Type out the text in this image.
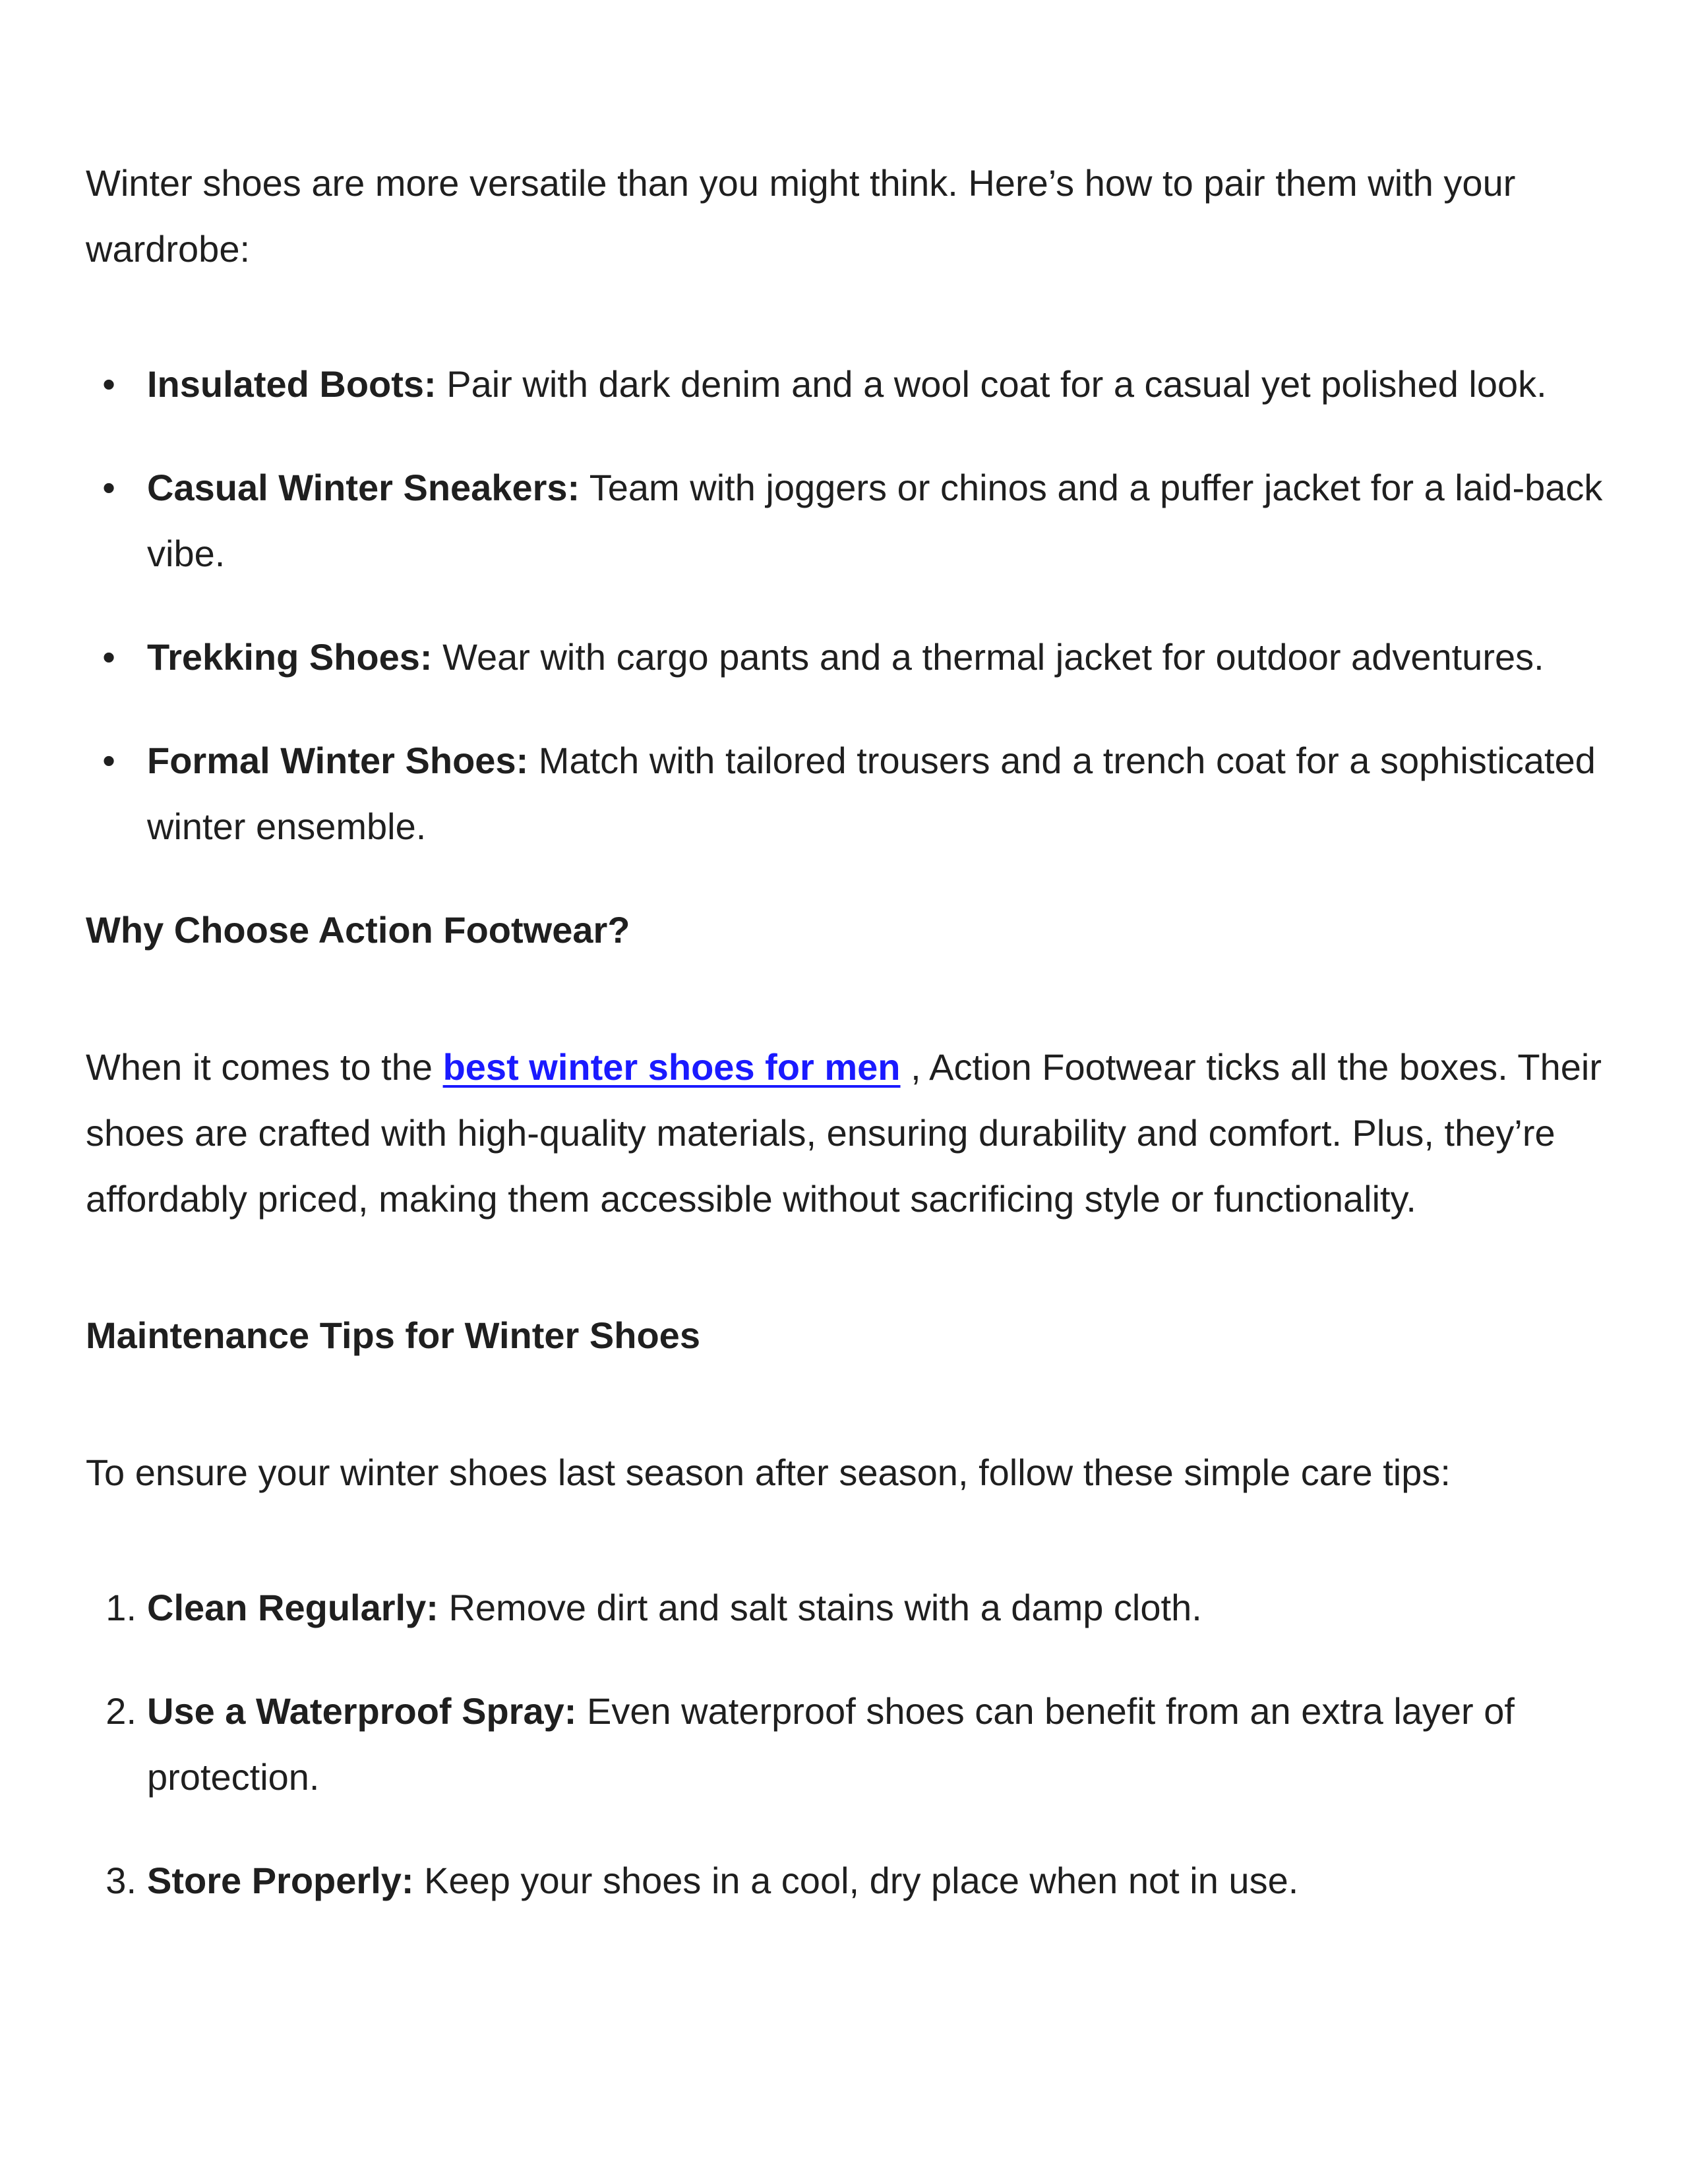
Winter shoes are more versatile than you might think. Here’s how to pair them with your wardrobe:

• Insulated Boots: Pair with dark denim and a wool coat for a casual yet polished look.
• Casual Winter Sneakers: Team with joggers or chinos and a puffer jacket for a laid-back vibe.
• Trekking Shoes: Wear with cargo pants and a thermal jacket for outdoor adventures.
• Formal Winter Shoes: Match with tailored trousers and a trench coat for a sophisticated winter ensemble.

Why Choose Action Footwear?

When it comes to the best winter shoes for men , Action Footwear ticks all the boxes. Their shoes are crafted with high-quality materials, ensuring durability and comfort. Plus, they’re affordably priced, making them accessible without sacrificing style or functionality.

Maintenance Tips for Winter Shoes

To ensure your winter shoes last season after season, follow these simple care tips:

1. Clean Regularly: Remove dirt and salt stains with a damp cloth.
2. Use a Waterproof Spray: Even waterproof shoes can benefit from an extra layer of protection.
3. Store Properly: Keep your shoes in a cool, dry place when not in use.
